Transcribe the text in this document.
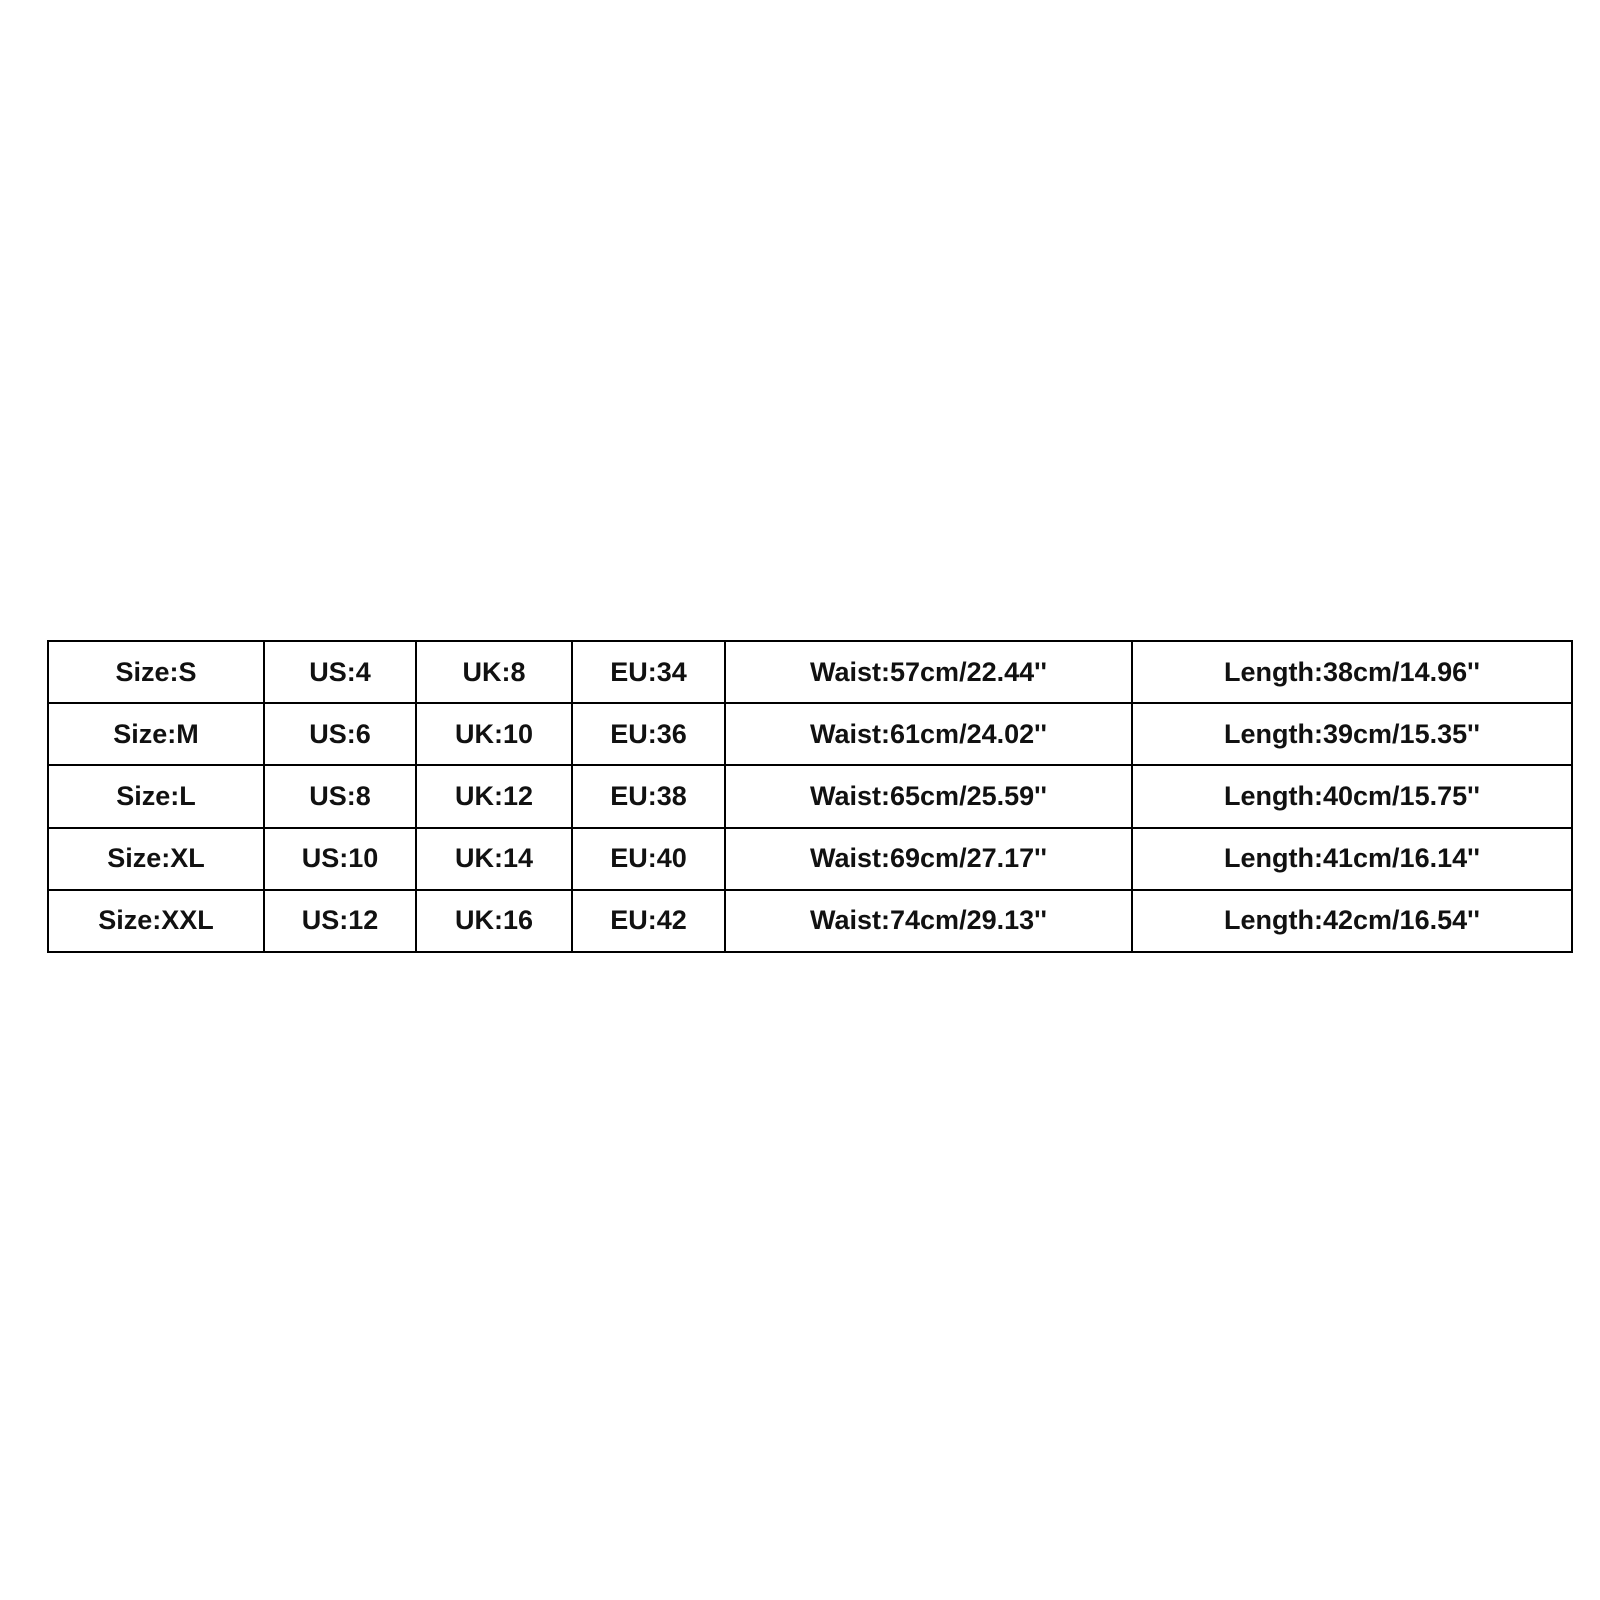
Size:S	US:4	UK:8	EU:34	Waist:57cm/22.44''	Length:38cm/14.96''
Size:M	US:6	UK:10	EU:36	Waist:61cm/24.02''	Length:39cm/15.35''
Size:L	US:8	UK:12	EU:38	Waist:65cm/25.59''	Length:40cm/15.75''
Size:XL	US:10	UK:14	EU:40	Waist:69cm/27.17''	Length:41cm/16.14''
Size:XXL	US:12	UK:16	EU:42	Waist:74cm/29.13''	Length:42cm/16.54''
